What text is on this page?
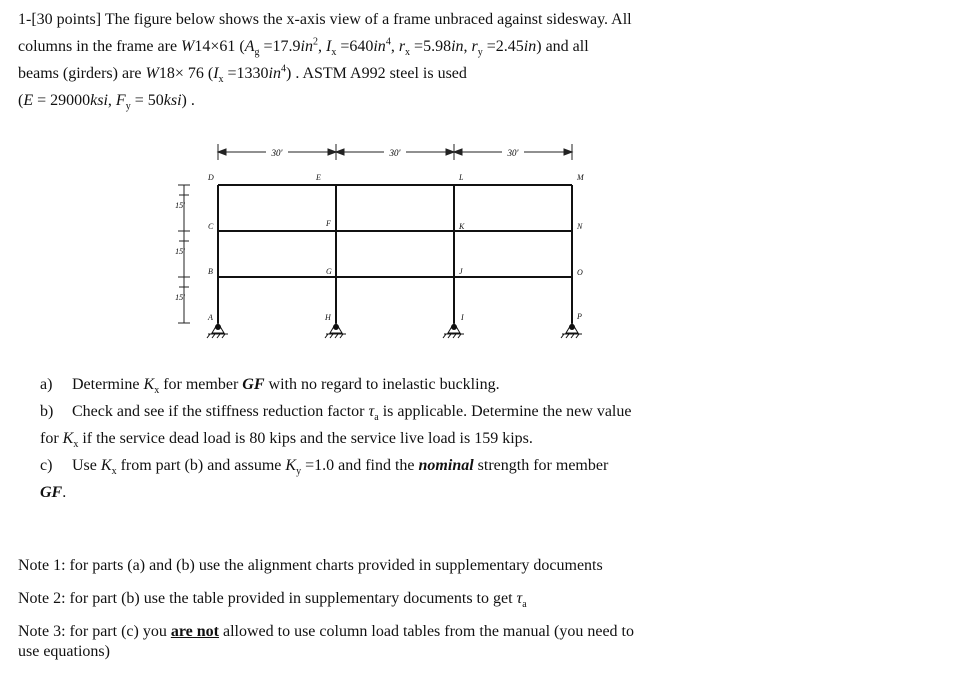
1-[30 points] The figure below shows the x-axis view of a frame unbraced against sidesway. All
columns in the frame are W14×61 ($A_g =17.9in^2$, $I_x =640in^4$, $r_x =5.98in$, $r_y =2.45in$) and all
beams (girders) are W18× 76 $(I_x =1330in^4)$ . ASTM A992 steel is used
(E = 29000ksi, $F_y = 50ksi$) .
30'	30'	30'
15'
15'
15'
D	E	L	M
C	F	K	N
B	G	J	O
A	H	I	P
a)	Determine $K_x$ for member GF with no regard to inelastic buckling.
b)	Check and see if the stiffness reduction factor $\tau_a$ is applicable. Determine the new value
for $K_x$ if the service dead load is 80 kips and the service live load is 159 kips.
c)	Use $K_x$ from part (b) and assume $K_y =1.0$ and find the nominal strength for member
GF.
Note 1: for parts (a) and (b) use the alignment charts provided in supplementary documents
Note 2: for part (b) use the table provided in supplementary documents to get $\tau_a$
Note 3: for part (c) you are not allowed to use column load tables from the manual (you need to
use equations)
